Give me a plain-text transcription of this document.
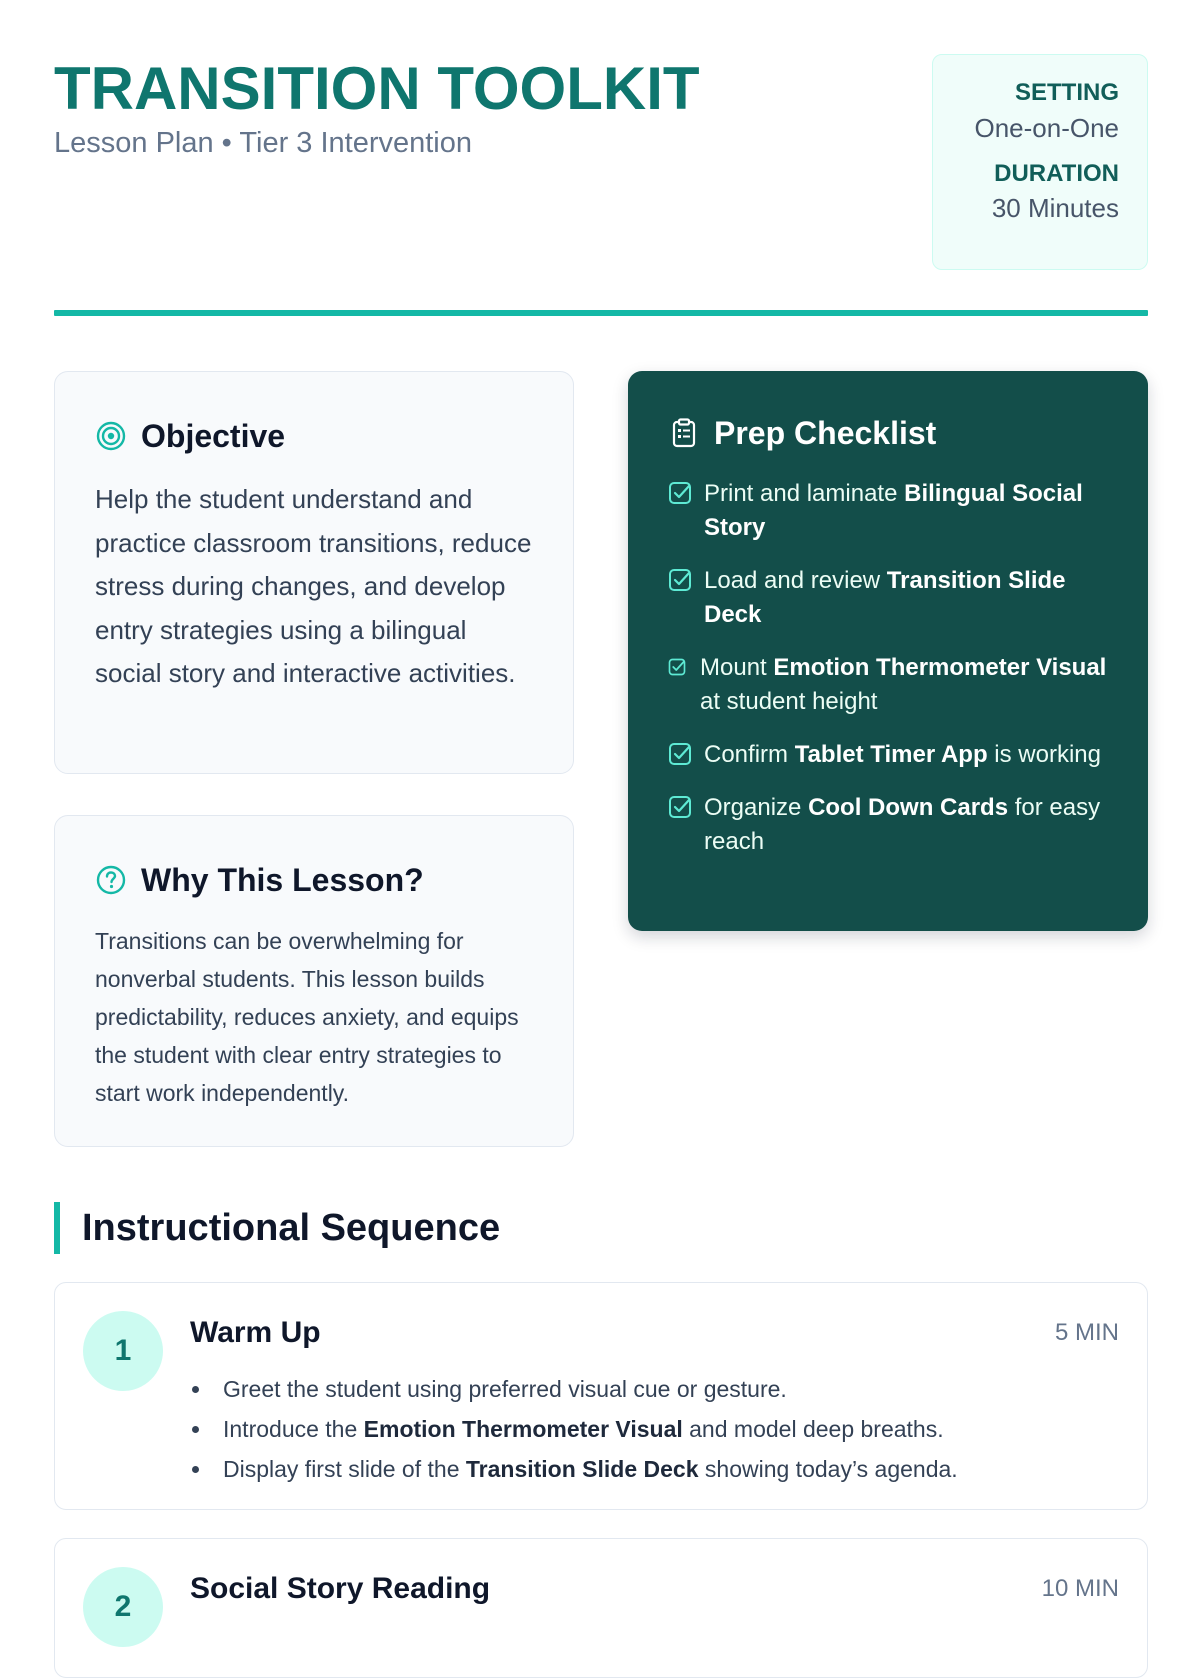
TRANSITION TOOLKIT
Lesson Plan • Tier 3 Intervention
SETTING
One-on-One
DURATION
30 Minutes
Objective

Help the student understand and practice classroom transitions, reduce stress during changes, and develop entry strategies using a bilingual social story and interactive activities.

Why This Lesson?

Transitions can be overwhelming for nonverbal students. This lesson builds predictability, reduces anxiety, and equips the student with clear entry strategies to start work independently.

Prep Checklist
Print and laminate Bilingual Social Story
Load and review Transition Slide Deck
Mount Emotion Thermometer Visual at student height
Confirm Tablet Timer App is working
Organize Cool Down Cards for easy reach
Instructional Sequence
1
Warm Up	5 MIN
Greet the student using preferred visual cue or gesture.
Introduce the Emotion Thermometer Visual and model deep breaths.
Display first slide of the Transition Slide Deck showing today’s agenda.
2
Social Story Reading	10 MIN
